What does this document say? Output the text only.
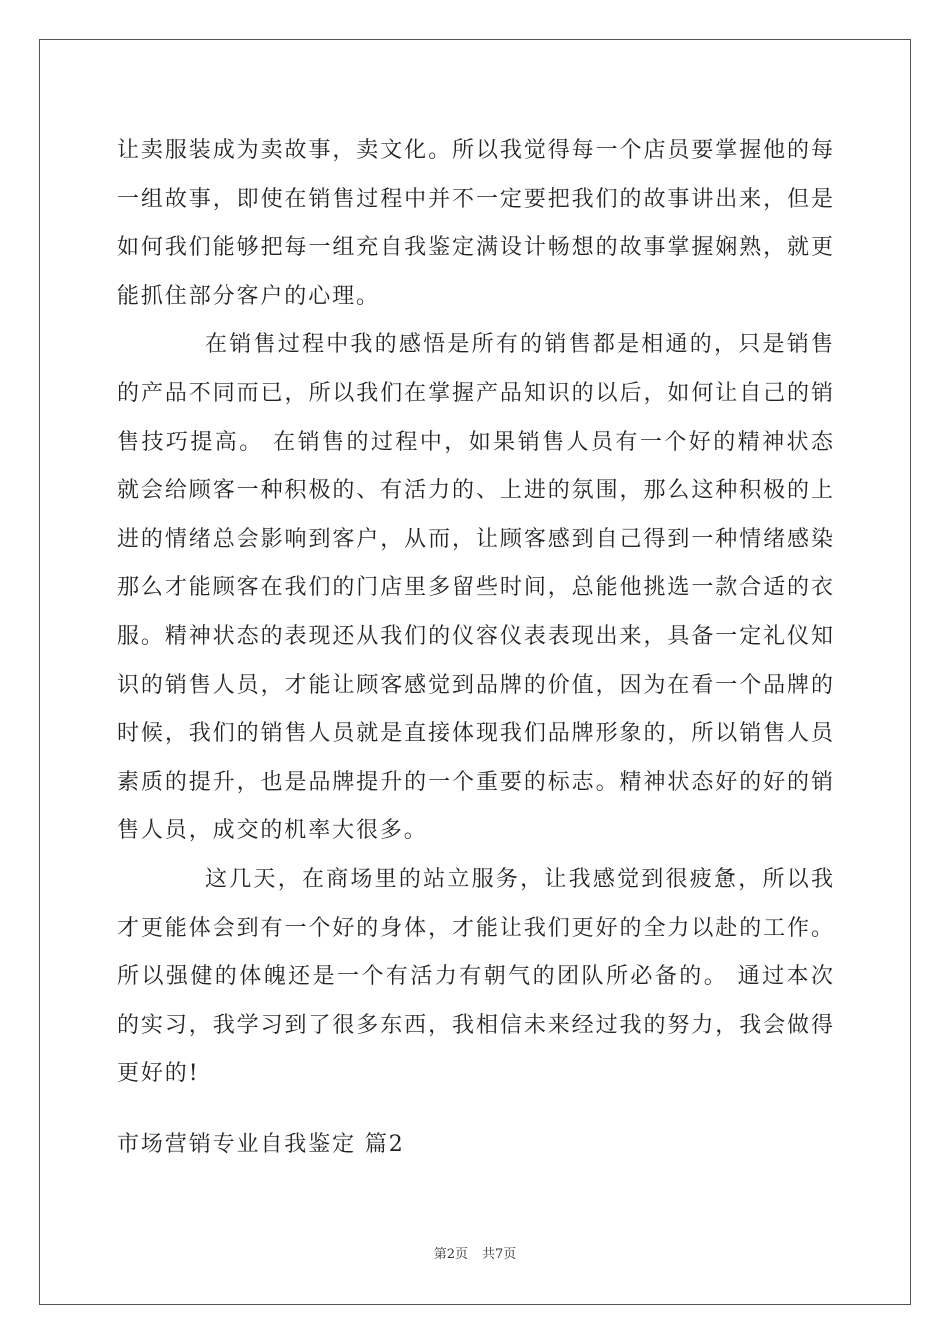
让卖服装成为卖故事，卖文化。所以我觉得每一个店员要掌握他的每
一组故事，即使在销售过程中并不一定要把我们的故事讲出来，但是
如何我们能够把每一组充自我鉴定满设计畅想的故事掌握娴熟，就更
能抓住部分客户的心理。
在销售过程中我的感悟是所有的销售都是相通的，只是销售
的产品不同而已，所以我们在掌握产品知识的以后，如何让自己的销
售技巧提高。 在销售的过程中，如果销售人员有一个好的精神状态
就会给顾客一种积极的、有活力的、上进的氛围，那么这种积极的上
进的情绪总会影响到客户，从而，让顾客感到自己得到一种情绪感染
那么才能顾客在我们的门店里多留些时间，总能他挑选一款合适的衣
服。精神状态的表现还从我们的仪容仪表表现出来，具备一定礼仪知
识的销售人员，才能让顾客感觉到品牌的价值，因为在看一个品牌的
时候，我们的销售人员就是直接体现我们品牌形象的，所以销售人员
素质的提升，也是品牌提升的一个重要的标志。精神状态好的好的销
售人员，成交的机率大很多。
这几天，在商场里的站立服务，让我感觉到很疲惫，所以我
才更能体会到有一个好的身体，才能让我们更好的全力以赴的工作。
所以强健的体魄还是一个有活力有朝气的团队所必备的。 通过本次
的实习，我学习到了很多东西，我相信未来经过我的努力，我会做得
更好的!
市场营销专业自我鉴定 篇2
第2页 共7页
